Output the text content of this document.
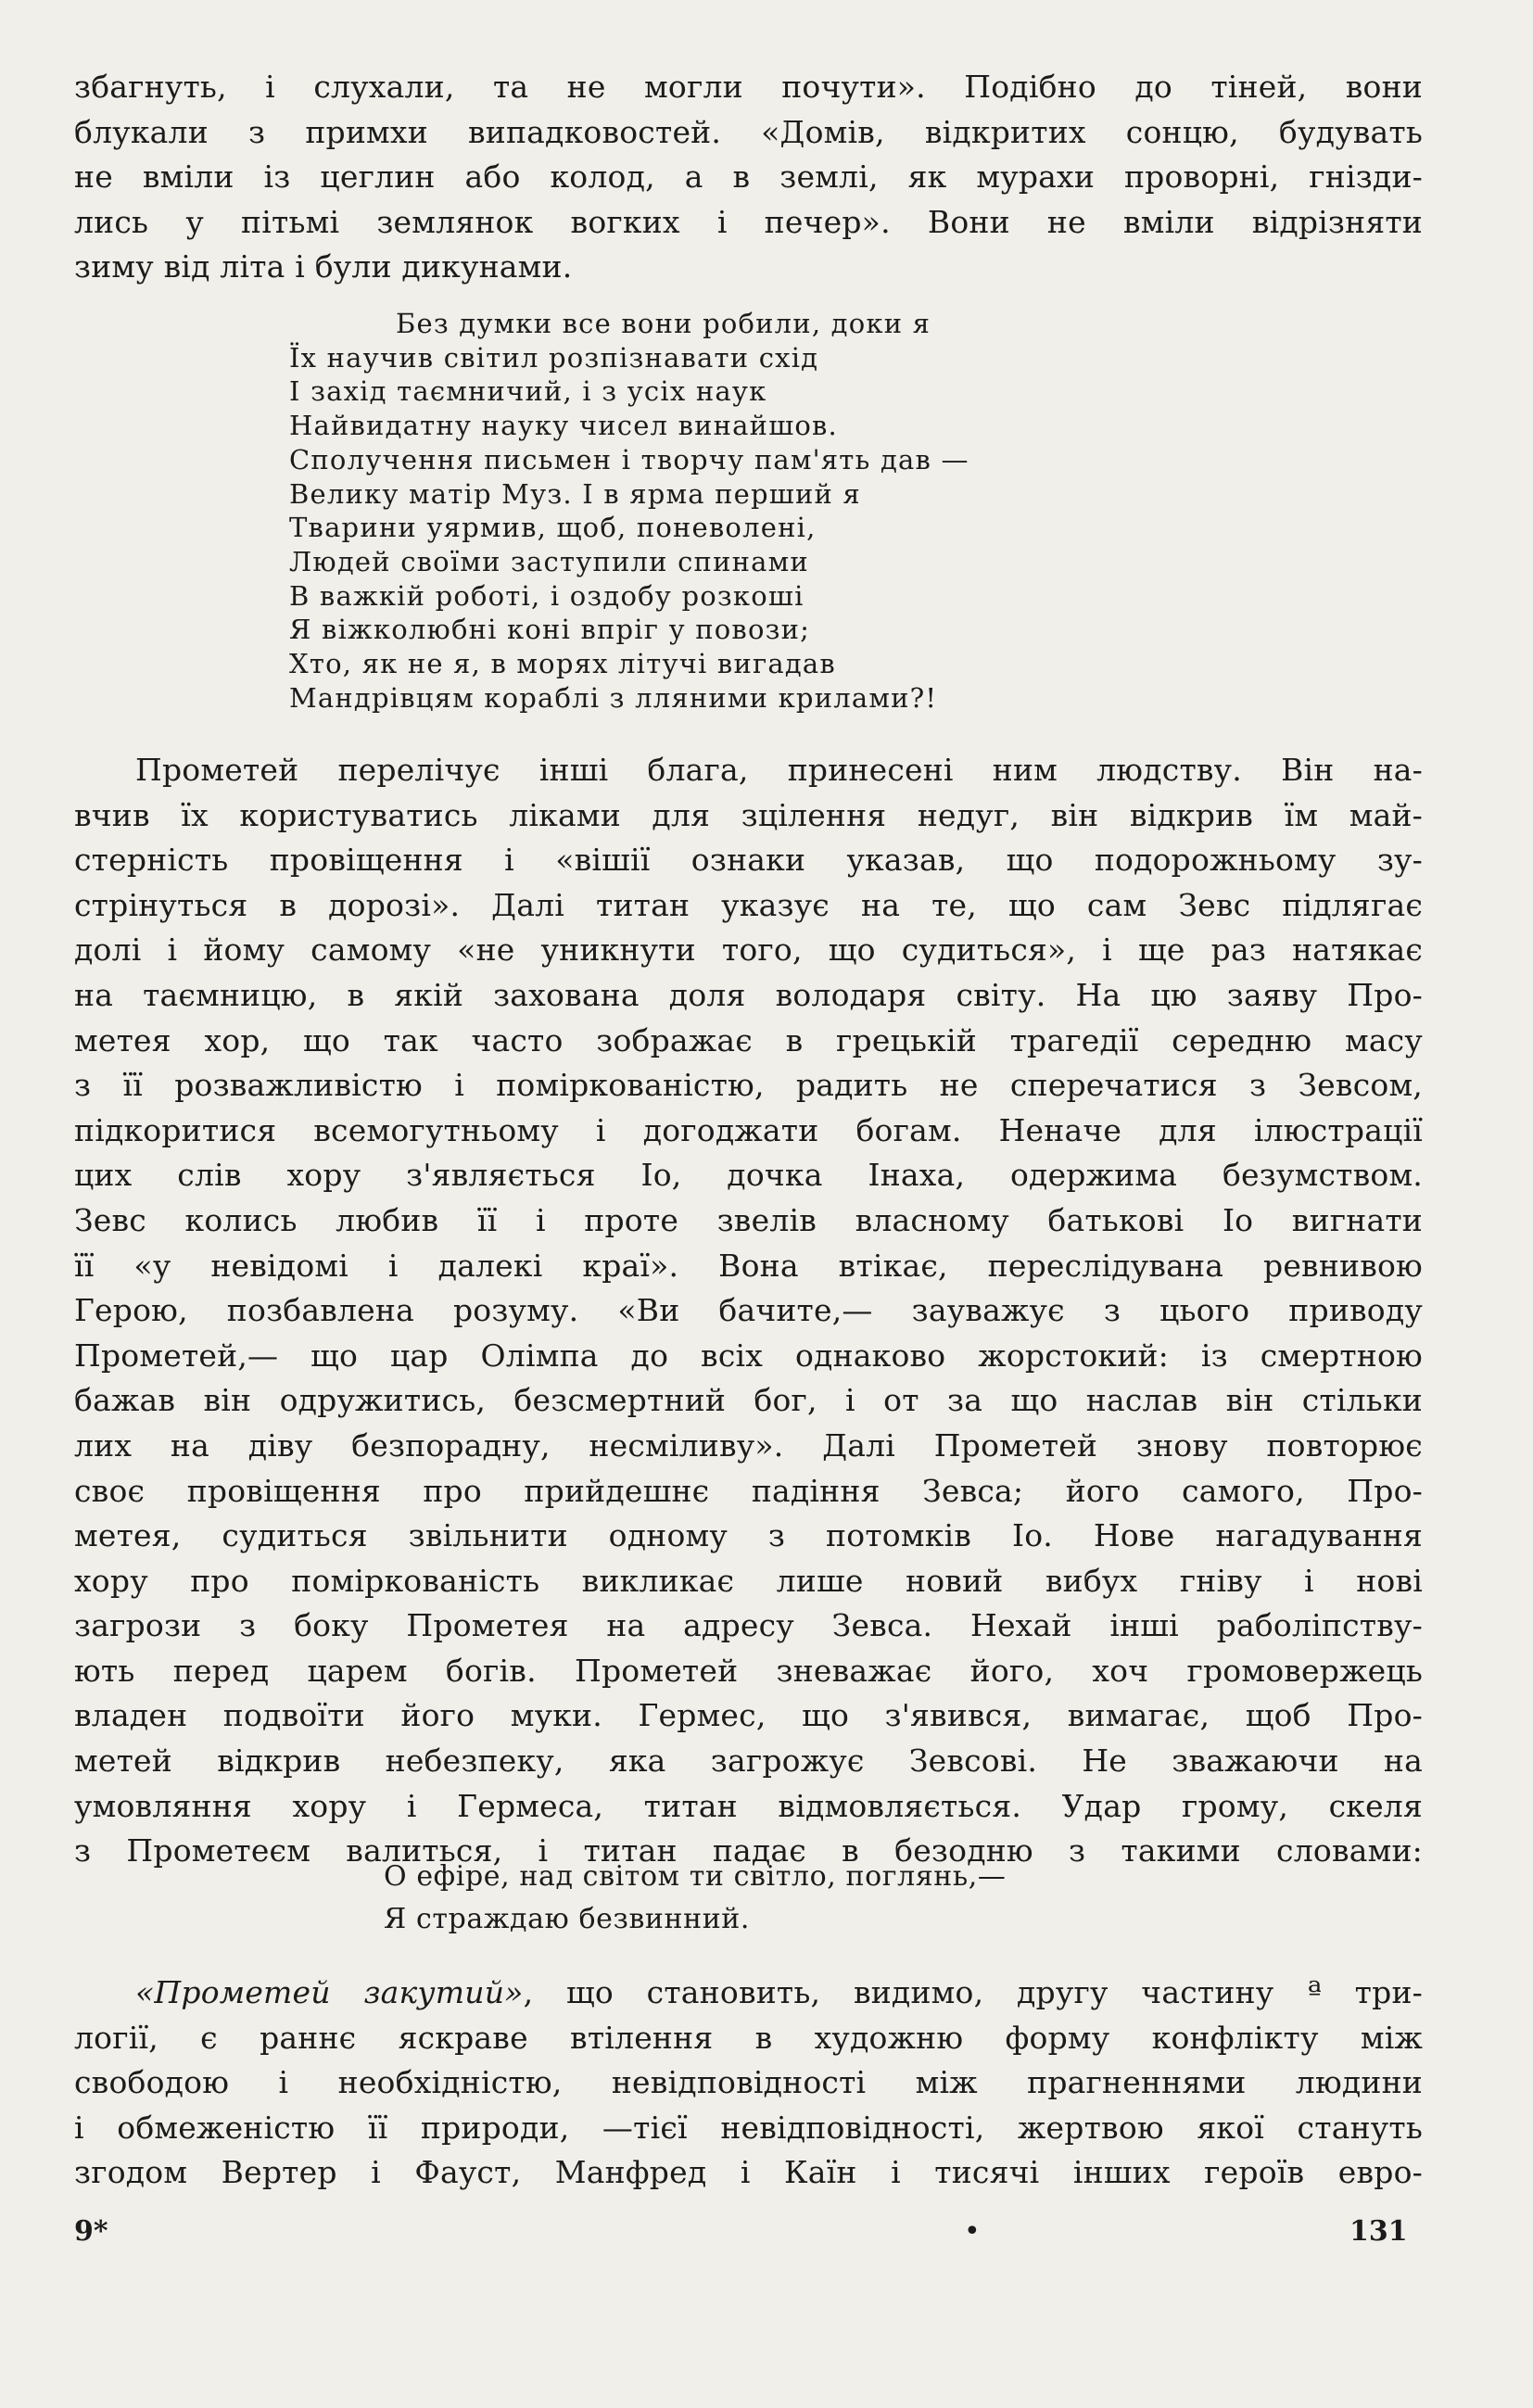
збагнуть, і слухали, та не могли почути». Подібно до тіней, вони

блукали з примхи випадковостей. «Домів, відкритих сонцю, будувать

не вміли із цеглин або колод, а в землі, як мурахи проворні, гнізди-

лись у пітьмі землянок вогких і печер». Вони не вміли відрізняти

зиму від літа і були дикунами.

Без думки все вони робили, доки я
Їх научив світил розпізнавати схід
І захід таємничий, і з усіх наук
Найвидатну науку чисел винайшов.
Сполучення письмен і творчу пам'ять дав —
Велику матір Муз. І в ярма перший я
Тварини уярмив, щоб, поневолені,
Людей своїми заступили спинами
В важкій роботі, і оздобу розкоші
Я віжколюбні коні впріг у повози;
Хто, як не я, в морях літучі вигадав
Мандрівцям кораблі з лляними крилами?!

Прометей перелічує інші блага, принесені ним людству. Він на-

вчив їх користуватись ліками для зцілення недуг, він відкрив їм май-

стерність провіщення і «вішії ознаки указав, що подорожньому зу-

стрінуться в дорозі». Далі титан указує на те, що сам Зевс підлягає

долі і йому самому «не уникнути того, що судиться», і ще раз натякає

на таємницю, в якій захована доля володаря світу. На цю заяву Про-

метея хор, що так часто зображає в грецькій трагедії середню масу

з її розважливістю і поміркованістю, радить не сперечатися з Зевсом,

підкоритися всемогутньому і догоджати богам. Неначе для ілюстрації

цих слів хору з'являється Іо, дочка Інаха, одержима безумством.

Зевс колись любив її і проте звелів власному батькові Іо вигнати

її «у невідомі і далекі краї». Вона втікає, переслідувана ревнивою

Герою, позбавлена розуму. «Ви бачите,— зауважує з цього приводу

Прометей,— що цар Олімпа до всіх однаково жорстокий: із смертною

бажав він одружитись, безсмертний бог, і от за що наслав він стільки

лих на діву безпорадну, несміливу». Далі Прометей знову повторює

своє провіщення про прийдешнє падіння Зевса; його самого, Про-

метея, судиться звільнити одному з потомків Іо. Нове нагадування

хору про поміркованість викликає лише новий вибух гніву і нові

загрози з боку Прометея на адресу Зевса. Нехай інші раболіпству-

ють перед царем богів. Прометей зневажає його, хоч громовержець

владен подвоїти його муки. Гермес, що з'явився, вимагає, щоб Про-

метей відкрив небезпеку, яка загрожує Зевсові. Не зважаючи на

умовляння хору і Гермеса, титан відмовляється. Удар грому, скеля

з Прометеєм валиться, і титан падає в безодню з такими словами:

О ефіре, над світом ти світло, поглянь,—
Я страждаю безвинний.

«Прометей закутий», що становить, видимо, другу частину ª три-

логії, є раннє яскраве втілення в художню форму конфлікту між

свободою і необхідністю, невідповідності між прагненнями людини

і обмеженістю її природи, —тієї невідповідності, жертвою якої стануть

згодом Вертер і Фауст, Манфред і Каїн і тисячі інших героїв евро-

9*	•	131
